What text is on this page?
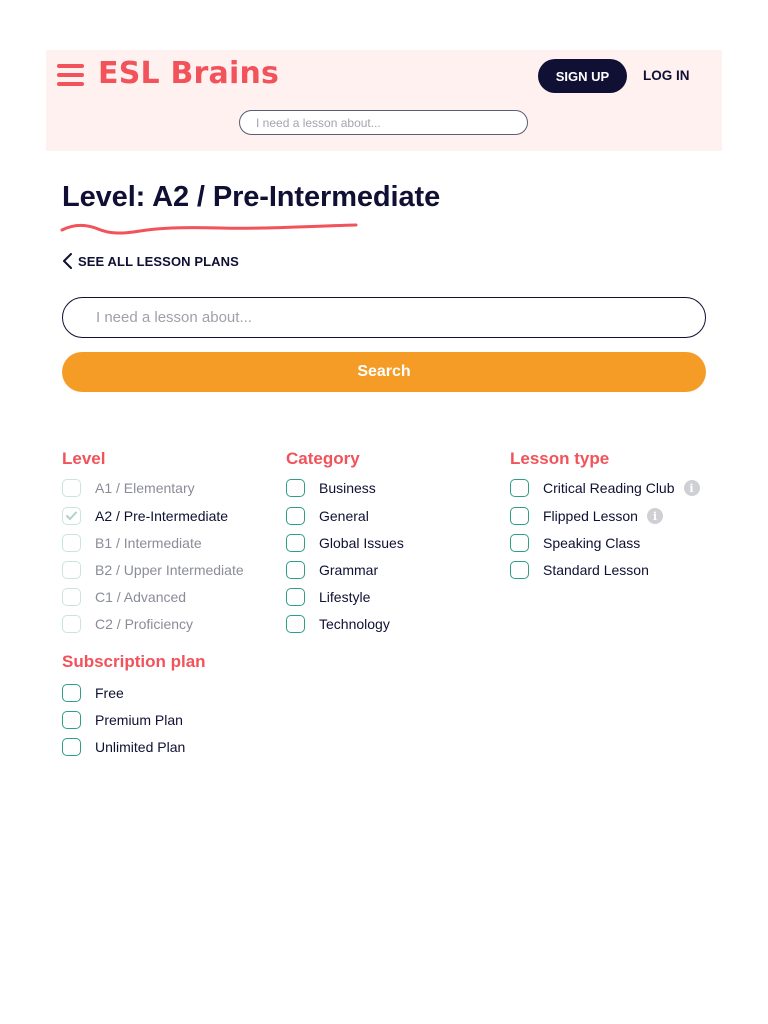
ESL Brains	SIGN UP	LOG IN
I need a lesson about...
Level: A2 / Pre-Intermediate
SEE ALL LESSON PLANS
I need a lesson about...
Search
Level	Category	Lesson type
Subscription plan
A1 / Elementary
A2 / Pre-Intermediate
B1 / Intermediate
B2 / Upper Intermediate
C1 / Advanced
C2 / Proficiency
Business
General
Global Issues
Grammar
Lifestyle
Technology
Critical Reading Club	i
Flipped Lesson	i
Speaking Class
Standard Lesson
Free
Premium Plan
Unlimited Plan
